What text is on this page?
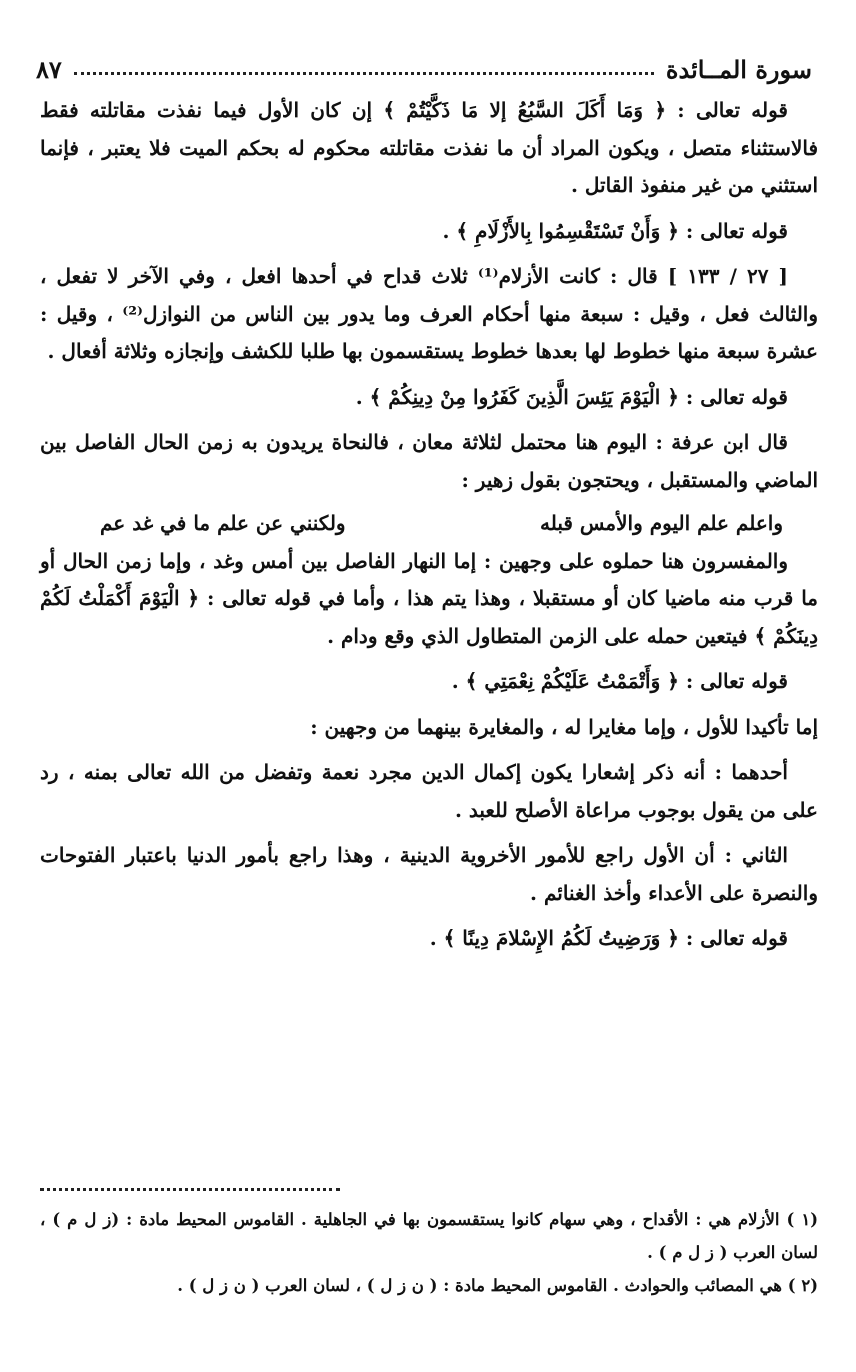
٨٧	سورة المــائدة

قوله تعالى : ﴿ وَمَا أَكَلَ السَّبُعُ إلا مَا ذَكَّيْتُمْ ﴾ إن كان الأول فيما نفذت مقاتلته فقط فالاستثناء متصل ، ويكون المراد أن ما نفذت مقاتلته محكوم له بحكم الميت فلا يعتبر ، فإنما استثني من غير منفوذ القاتل .

قوله تعالى : ﴿ وَأَنْ تَسْتَقْسِمُوا بِالأَزْلَامِ ﴾ .

[ ٢٧ / ١٣٣ ] قال : كانت الأزلام⁽¹⁾ ثلاث قداح في أحدها افعل ، وفي الآخر لا تفعل ، والثالث فعل ، وقيل : سبعة منها أحكام العرف وما يدور بين الناس من النوازل⁽²⁾ ، وقيل : عشرة سبعة منها خطوط لها بعدها خطوط يستقسمون بها طلبا للكشف وإنجازه وثلاثة أفعال .

قوله تعالى : ﴿ الْيَوْمَ يَئِسَ الَّذِينَ كَفَرُوا مِنْ دِينِكُمْ ﴾ .

قال ابن عرفة : اليوم هنا محتمل لثلاثة معان ، فالنحاة يريدون به زمن الحال الفاصل بين الماضي والمستقبل ، ويحتجون بقول زهير :

واعلم علم اليوم والأمس قبله
ولكنني عن علم ما في غد عم

والمفسرون هنا حملوه على وجهين : إما النهار الفاصل بين أمس وغد ، وإما زمن الحال أو ما قرب منه ماضيا كان أو مستقبلا ، وهذا يتم هذا ، وأما في قوله تعالى : ﴿ الْيَوْمَ أَكْمَلْتُ لَكُمْ دِينَكُمْ ﴾ فيتعين حمله على الزمن المتطاول الذي وقع ودام .

قوله تعالى : ﴿ وَأَتْمَمْتُ عَلَيْكُمْ نِعْمَتِي ﴾ .

إما تأكيدا للأول ، وإما مغايرا له ، والمغايرة بينهما من وجهين :

أحدهما : أنه ذكر إشعارا يكون إكمال الدين مجرد نعمة وتفضل من الله تعالى بمنه ، رد على من يقول بوجوب مراعاة الأصلح للعبد .

الثاني : أن الأول راجع للأمور الأخروية الدينية ، وهذا راجع بأمور الدنيا باعتبار الفتوحات والنصرة على الأعداء وأخذ الغنائم .

قوله تعالى : ﴿ وَرَضِيتُ لَكُمُ الإِسْلامَ دِينًا ﴾ .

(١ ) الأزلام هي : الأقداح ، وهي سهام كانوا يستقسمون بها في الجاهلية . القاموس المحيط مادة : (ز ل م ) ، لسان العرب ( ز ل م ) .

(٢ ) هي المصائب والحوادث . القاموس المحيط مادة : ( ن ز ل ) ، لسان العرب ( ن ز ل ) .
